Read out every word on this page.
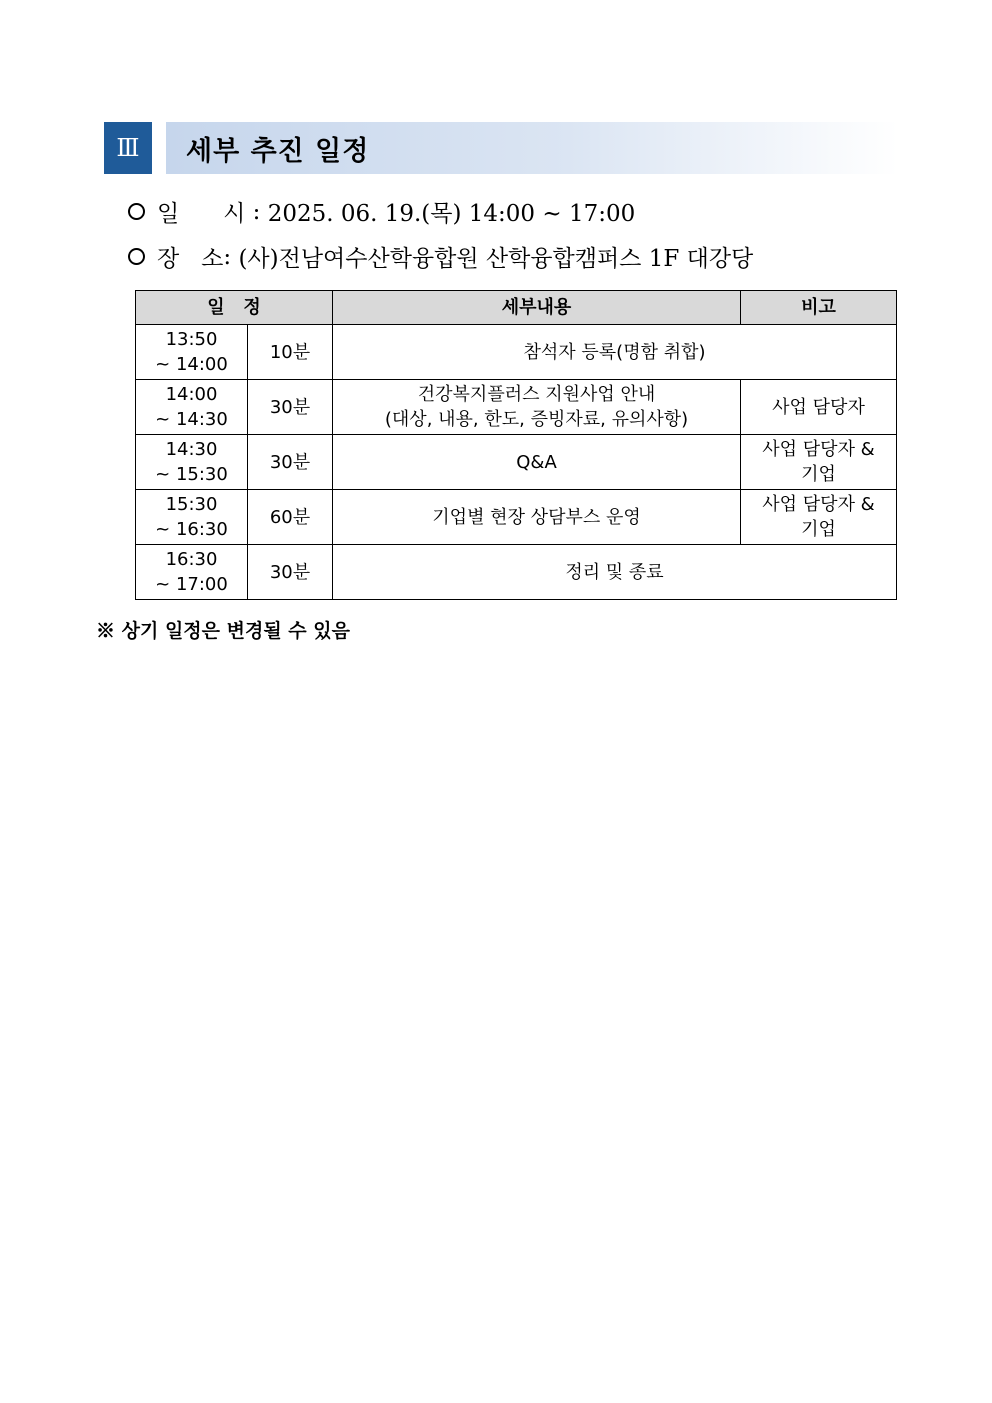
Ⅲ	세부 추진 일정
일      시 : 2025. 06. 19.(목) 14:00 ~ 17:00
장   소 : (사)전남여수산학융합원 산학융합캠퍼스 1F 대강당
일   정		세부내용	비고
13:50
~ 14:00	10분	참석자 등록(명함 취합)	
14:00
~ 14:30	30분	건강복지플러스 지원사업 안내
(대상, 내용, 한도, 증빙자료, 유의사항)	사업 담당자
14:30
~ 15:30	30분	Q&A	사업 담당자 &
기업
15:30
~ 16:30	60분	기업별 현장 상담부스 운영	사업 담당자 &
기업
16:30
~ 17:00	30분	정리 및 종료	
※ 상기 일정은 변경될 수 있음
